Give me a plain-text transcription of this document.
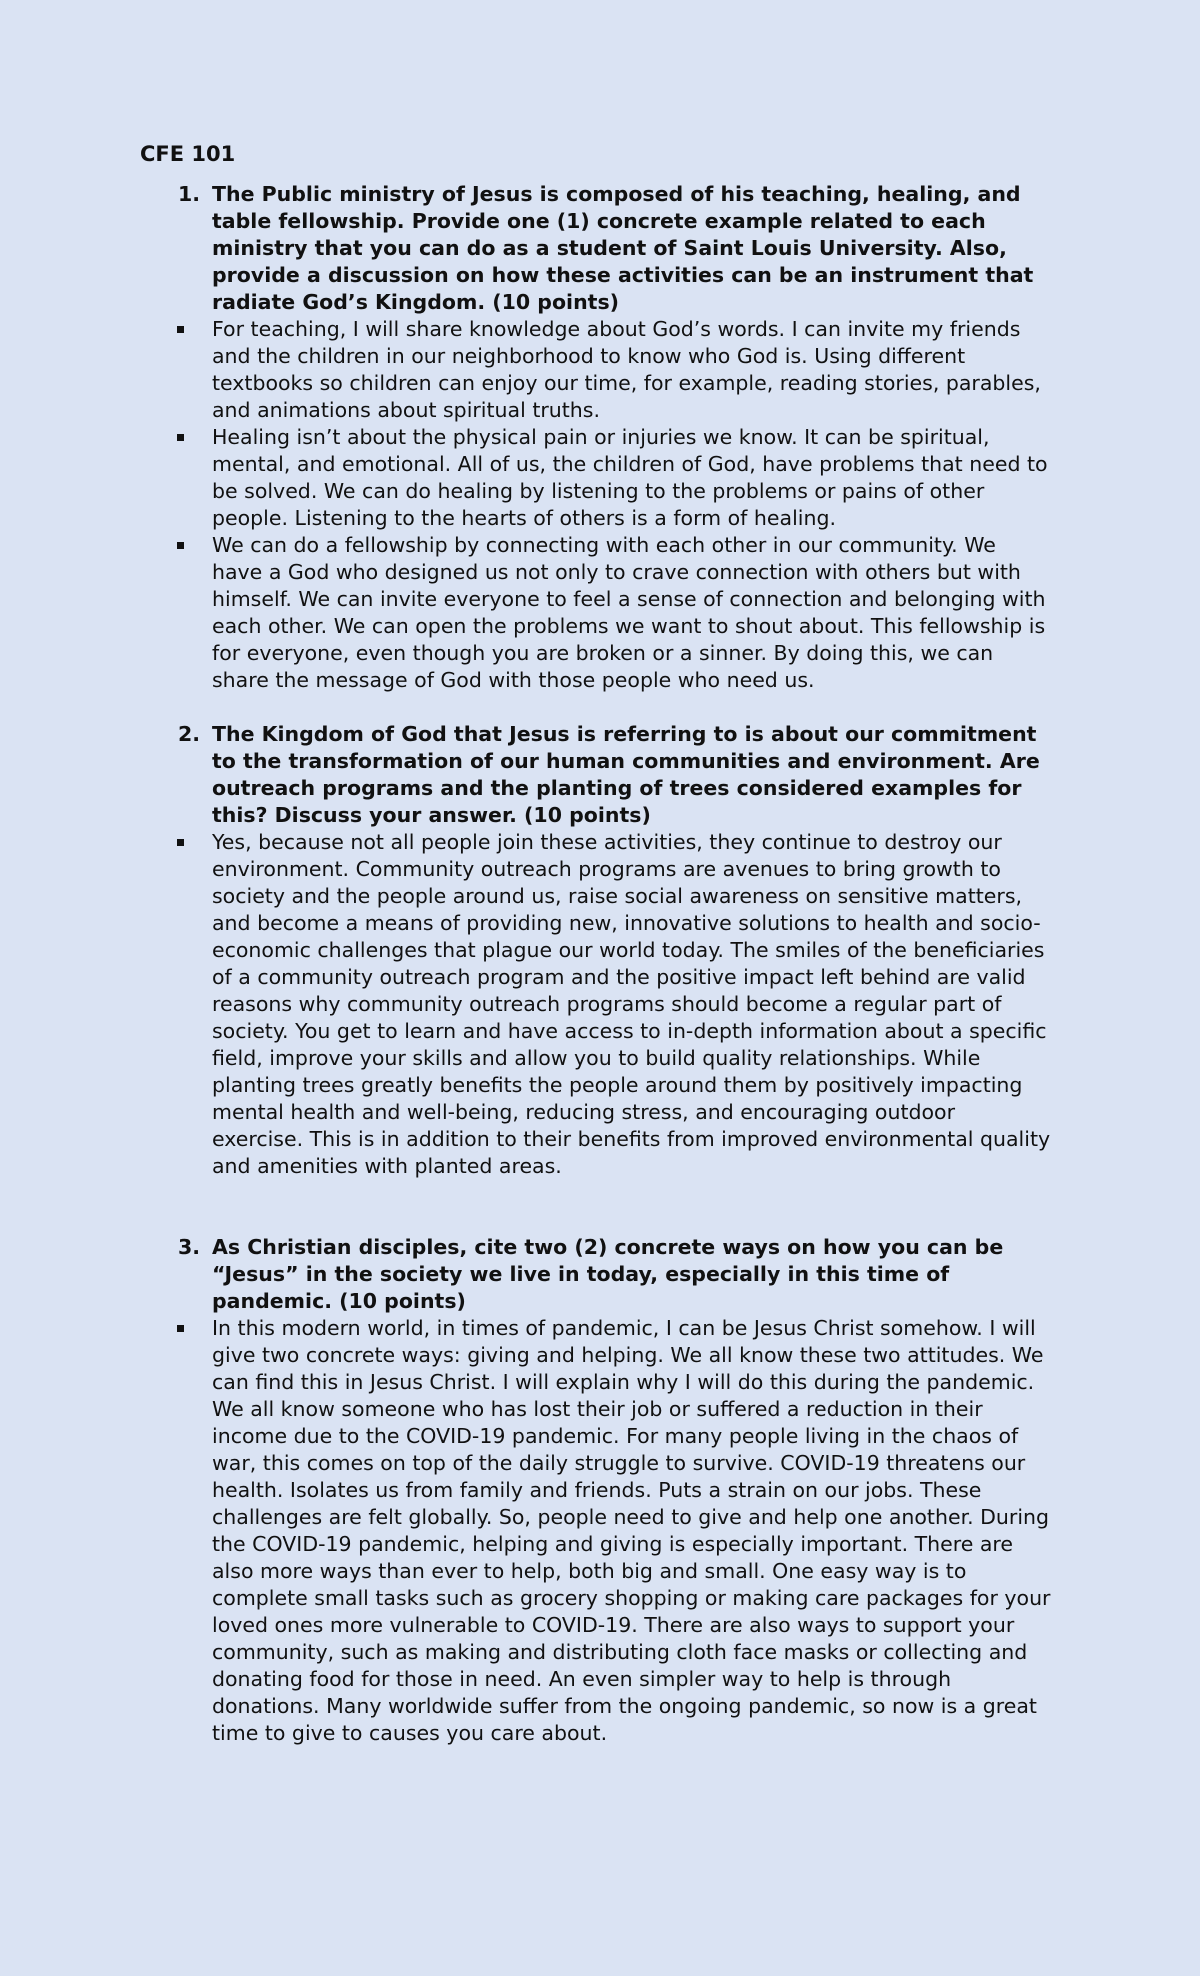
CFE 101
1. The Public ministry of Jesus is composed of his teaching, healing, and table fellowship. Provide one (1) concrete example related to each ministry that you can do as a student of Saint Louis University. Also, provide a discussion on how these activities can be an instrument that radiate God’s Kingdom. (10 points)
For teaching, I will share knowledge about God’s words. I can invite my friends and the children in our neighborhood to know who God is. Using different textbooks so children can enjoy our time, for example, reading stories, parables, and animations about spiritual truths.
Healing isn’t about the physical pain or injuries we know. It can be spiritual, mental, and emotional. All of us, the children of God, have problems that need to be solved. We can do healing by listening to the problems or pains of other people. Listening to the hearts of others is a form of healing.
We can do a fellowship by connecting with each other in our community. We have a God who designed us not only to crave connection with others but with himself. We can invite everyone to feel a sense of connection and belonging with each other. We can open the problems we want to shout about. This fellowship is for everyone, even though you are broken or a sinner. By doing this, we can share the message of God with those people who need us.
2. The Kingdom of God that Jesus is referring to is about our commitment to the transformation of our human communities and environment. Are outreach programs and the planting of trees considered examples for this? Discuss your answer. (10 points)
Yes, because not all people join these activities, they continue to destroy our environment. Community outreach programs are avenues to bring growth to society and the people around us, raise social awareness on sensitive matters, and become a means of providing new, innovative solutions to health and socio-economic challenges that plague our world today. The smiles of the beneficiaries of a community outreach program and the positive impact left behind are valid reasons why community outreach programs should become a regular part of society. You get to learn and have access to in-depth information about a specific field, improve your skills and allow you to build quality relationships. While planting trees greatly benefits the people around them by positively impacting mental health and well-being, reducing stress, and encouraging outdoor exercise. This is in addition to their benefits from improved environmental quality and amenities with planted areas.
3. As Christian disciples, cite two (2) concrete ways on how you can be “Jesus” in the society we live in today, especially in this time of pandemic. (10 points)
In this modern world, in times of pandemic, I can be Jesus Christ somehow. I will give two concrete ways: giving and helping. We all know these two attitudes. We can find this in Jesus Christ. I will explain why I will do this during the pandemic. We all know someone who has lost their job or suffered a reduction in their income due to the COVID-19 pandemic. For many people living in the chaos of war, this comes on top of the daily struggle to survive. COVID-19 threatens our health. Isolates us from family and friends. Puts a strain on our jobs. These challenges are felt globally. So, people need to give and help one another. During the COVID-19 pandemic, helping and giving is especially important. There are also more ways than ever to help, both big and small. One easy way is to complete small tasks such as grocery shopping or making care packages for your loved ones more vulnerable to COVID-19. There are also ways to support your community, such as making and distributing cloth face masks or collecting and donating food for those in need. An even simpler way to help is through donations. Many worldwide suffer from the ongoing pandemic, so now is a great time to give to causes you care about.
